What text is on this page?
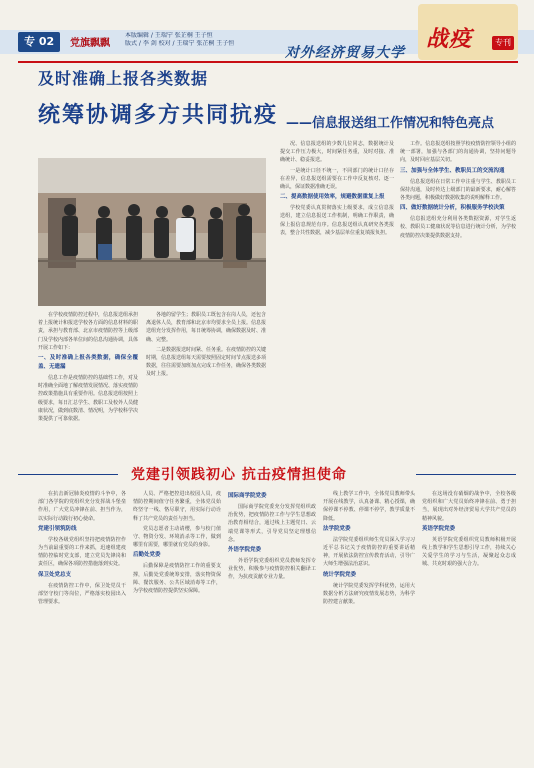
专 02	党旗飘飘
本版编辑 / 王瑞宁 张芷桐 王子恒
版式 / 李 剑 校对 / 王瑞宁 张芷桐 王子恒
对外经济贸易大学
战疫	专刊
及时准确上报各类数据
统筹协调多方共同抗疫 ——信息报送组工作情况和特色亮点

在学校疫情防控过程中，信息报送组承担着上报统计和报送学校各方面的信息材料的职责，承担与教育部、北京市疫情防控等上级部门及学校内部各单位间的信息沟通协调，具体开展工作如下：

一、及时准确上报各类数据，确保全覆盖、无遗漏

信息工作是疫情防控的基础性工作，对及时准确全面地了解疫情发展情况、落实疫情防控政策措施具有重要作用。信息报送组按照上级要求，每日汇总学生、教职工及校外人员健康状况，做到底数清、情况明，为学校科学决策提供了可靠依据。

各地的留学生；教职员工既包含在岗人员，还包含离退休人员，教育部和北京市均要求全员上报。信息报送组充分发挥作用，每日统筹协调，确保数据及时、准确、完整。

二是数据报送时间紧、任务重。在疫情防控的关键时期，信息报送组每天需要按照固定时间节点报送多项数据，往往需要加班加点完成工作任务，确保各类数据及时上报。

况、信息报送组的少数几位同志，数据统计及提交工作压力极大，时间紧任务重，及时对接、准确统计、稳妥报送。

一是统计口径不统一，不同部门的统计口径存在差异，信息报送组需要在工作中反复核对、逐一确认，保证数据准确无误。

二、提高数据使用效率，规避数据重复上报

学校党委认真贯彻落实上级要求，成立信息报送组，建立信息报送工作机制，明确工作职责，确保上报信息规范有序。信息报送组认真研究各类报表，整合共性数据，减少基层单位重复填报负担。

工作。信息报送组按照学校疫情防控领导小组的统一部署，加强与各部门的沟通协调，坚持问题导向，及时回应基层关切。

三、加强与全体学生、教职员工的交流沟通

信息报送组在日常工作中注重与学生、教职员工保持沟通，及时传达上级部门的最新要求，耐心解答各类问题，积极做好数据收集的说明解释工作。

四、做好数据统计分析，积极服务学校决策

信息报送组充分利用各类数据资源，对学生返校、教职员工健康状况等信息进行统计分析，为学校疫情防控决策提供数据支持。

党建引领践初心 抗击疫情担使命

在抗击新冠肺炎疫情的斗争中，各部门各学院的党组织充分发挥战斗堡垒作用，广大党员冲锋在前、担当作为，以实际行动践行初心使命。

党建引领筑防线

学校各级党组织坚持把疫情防控作为当前最重要的工作来抓，迅速组建疫情防控临时党支部，建立党员先锋岗和责任区，确保各项防控措施落到实处。

保卫处党总支

在疫情防控工作中，保卫处党员干部坚守校门等岗位，严格落实校园出入管理要求。

人员、严格把控进出校园人员，疫情防控期间值守任务繁重，全体党员始终坚守一线、恪尽职守，用实际行动诠释了共产党员的责任与担当。

党员志愿者主动请缨，参与校门值守、物资分发、环境消杀等工作，做到哪里有需要，哪里就有党员的身影。

后勤处党委

后勤保障是疫情防控工作的重要支撑，后勤处党委统筹安排，落实物资保障、餐饮服务、公共区域消毒等工作，为学校疫情防控提供坚实保障。

国际商学院党委

国际商学院党委充分发挥党组织政治优势，把疫情防控工作与学生思想政治教育相结合，通过线上主题党日、云端党课等形式，引导党员坚定理想信念。

外语学院党委

外语学院党委组织党员教师发挥专业优势，积极参与疫情防控相关翻译工作，为抗疫贡献专业力量。

线上教学工作中，全体党员教师带头开展在线教学，认真备课、精心授课，确保停课不停教、停课不停学，教学质量不降低。

法学院党委

法学院党委组织师生党员深入学习习近平总书记关于疫情防控的重要讲话精神，开展依法防控宣传教育活动，引导广大师生增强法治意识。

统计学院党委

统计学院党委发挥学科优势，运用大数据分析方法研究疫情发展态势，为科学防控建言献策。

在这场没有硝烟的战争中，全校各级党组织和广大党员始终冲锋在前、勇于担当，展现出对外经济贸易大学共产党员的精神风貌。

英语学院党委

英语学院党委组织党员教师积极开展线上教学和学生思想引导工作，持续关心关爱学生的学习与生活，凝聚起众志成城、共克时艰的强大合力。
